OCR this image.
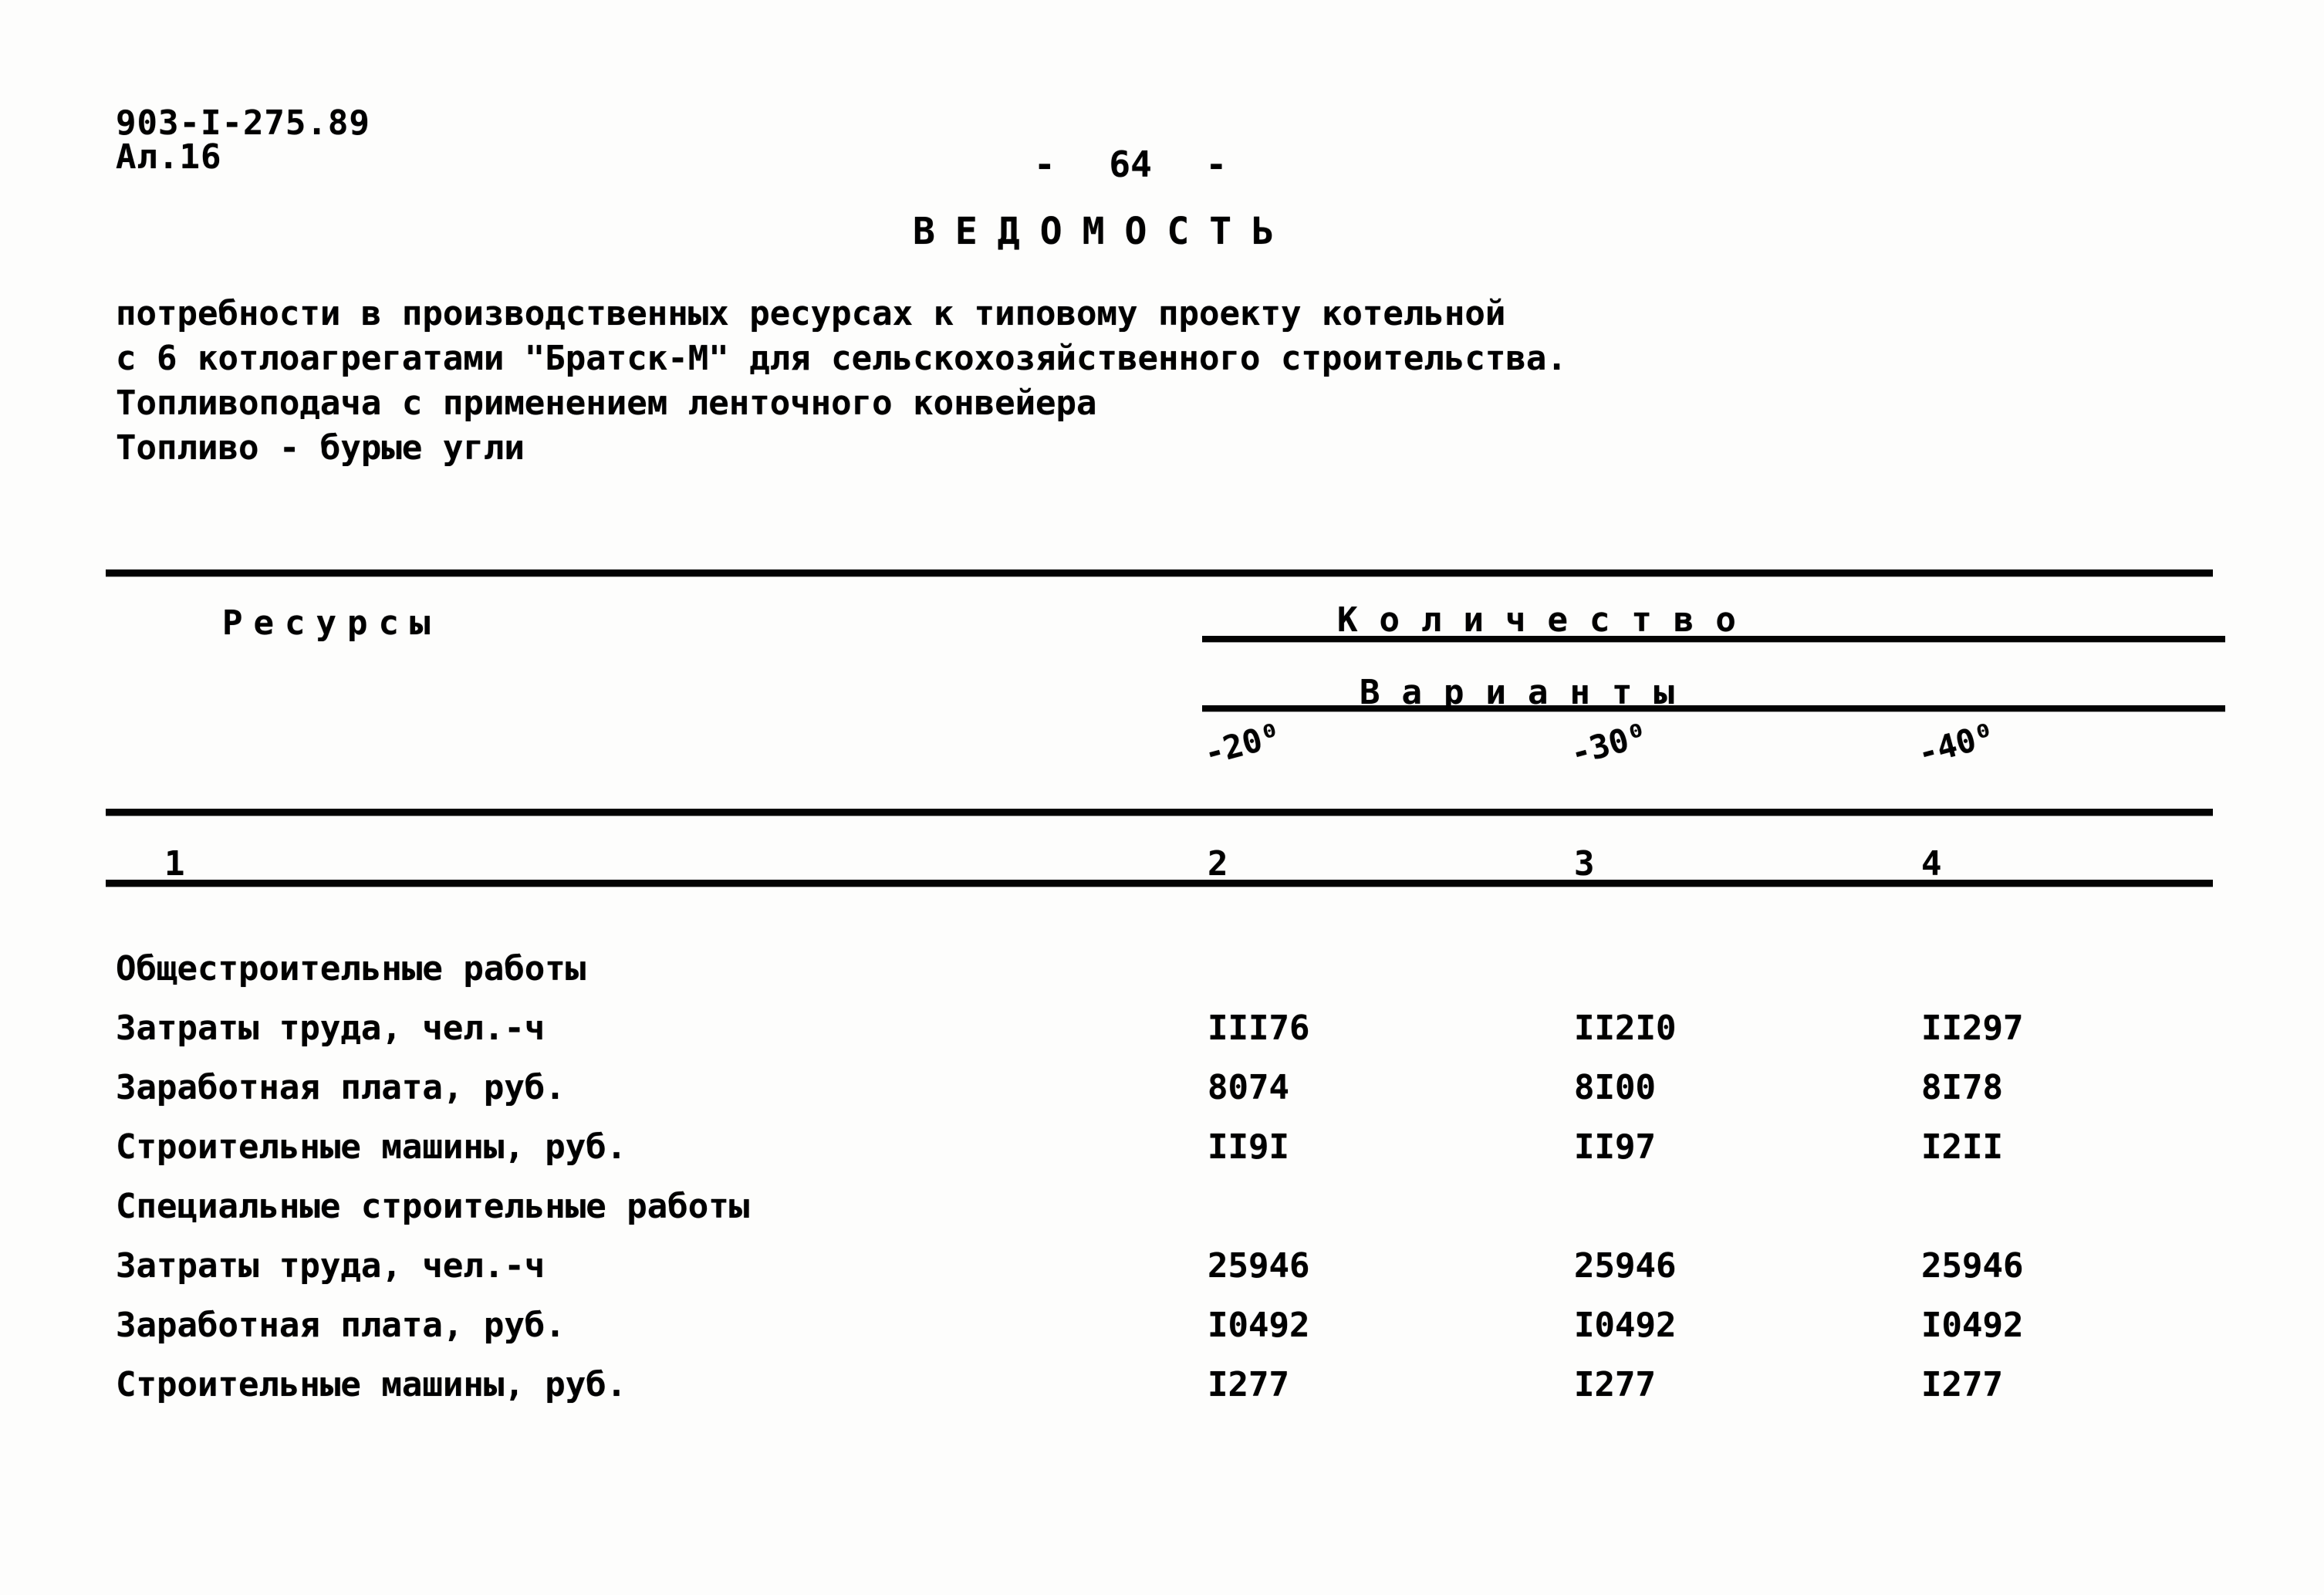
903-I-275.89
Ал.16	- 64 -
ВЕДОМОСТЬ
потребности в производственных ресурсах к типовому проекту котельной
с 6 котлоагрегатами "Братск-М" для сельскохозяйственного строительства.
Топливоподача с применением ленточного конвейера
Топливо - бурые угли
Ресурсы	Количество
Варианты
-20⁰	-30⁰	-40⁰
1	2	3	4
Общестроительные работы
Затраты труда, чел.-ч	III76	II2I0	II297
Заработная плата, руб.	8074	8I00	8I78
Строительные машины, руб.	II9I	II97	I2II
Специальные строительные работы
Затраты труда, чел.-ч	25946	25946	25946
Заработная плата, руб.	I0492	I0492	I0492
Строительные машины, руб.	I277	I277	I277
